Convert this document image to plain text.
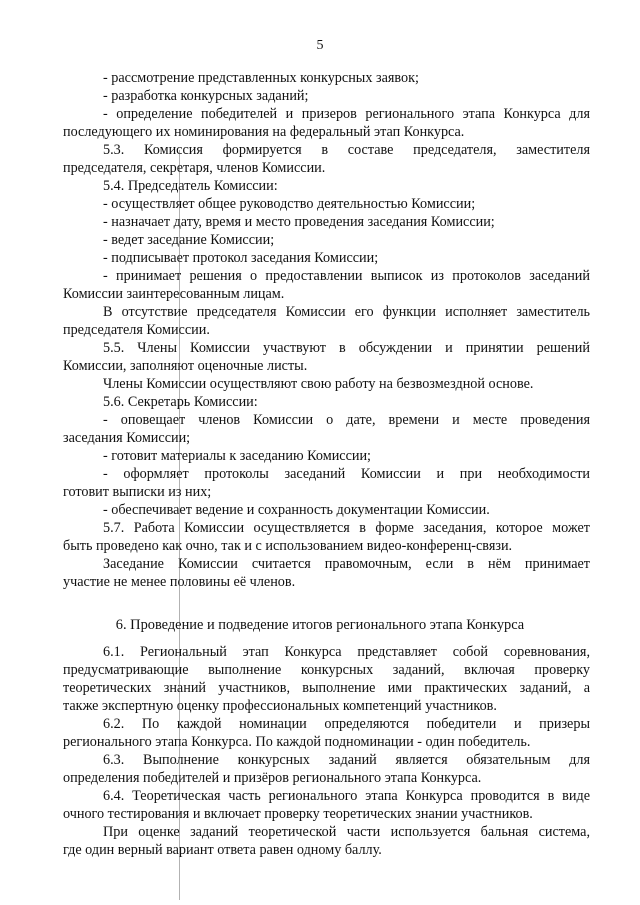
5
- рассмотрение представленных конкурсных заявок;
- разработка конкурсных заданий;
- определение победителей и призеров регионального этапа Конкурса для
последующего их номинирования на федеральный этап Конкурса.
5.3. Комиссия формируется в составе председателя, заместителя
председателя, секретаря, членов Комиссии.
5.4. Председатель Комиссии:
- осуществляет общее руководство деятельностью Комиссии;
- назначает дату, время и место проведения заседания Комиссии;
- ведет заседание Комиссии;
- подписывает протокол заседания Комиссии;
- принимает решения о предоставлении выписок из протоколов заседаний
Комиссии заинтересованным лицам.
В отсутствие председателя Комиссии его функции исполняет заместитель
председателя Комиссии.
5.5. Члены Комиссии участвуют в обсуждении и принятии решений
Комиссии, заполняют оценочные листы.
Члены Комиссии осуществляют свою работу на безвозмездной основе.
5.6. Секретарь Комиссии:
- оповещает членов Комиссии о дате, времени и месте проведения
заседания Комиссии;
- готовит материалы к заседанию Комиссии;
- оформляет протоколы заседаний Комиссии и при необходимости
готовит выписки из них;
- обеспечивает ведение и сохранность документации Комиссии.
5.7. Работа Комиссии осуществляется в форме заседания, которое может
быть проведено как очно, так и с использованием видео-конференц-связи.
Заседание Комиссии считается правомочным, если в нём принимает
участие не менее половины её членов.
6. Проведение и подведение итогов регионального этапа Конкурса
6.1. Региональный этап Конкурса представляет собой соревнования,
предусматривающие выполнение конкурсных заданий, включая проверку
теоретических знаний участников, выполнение ими практических заданий, а
также экспертную оценку профессиональных компетенций участников.
6.2. По каждой номинации определяются победители и призеры
регионального этапа Конкурса. По каждой подноминации - один победитель.
6.3. Выполнение конкурсных заданий является обязательным для
определения победителей и призёров регионального этапа Конкурса.
6.4. Теоретическая часть регионального этапа Конкурса проводится в виде
очного тестирования и включает проверку теоретических знании участников.
При оценке заданий теоретической части используется бальная система,
где один верный вариант ответа равен одному баллу.
